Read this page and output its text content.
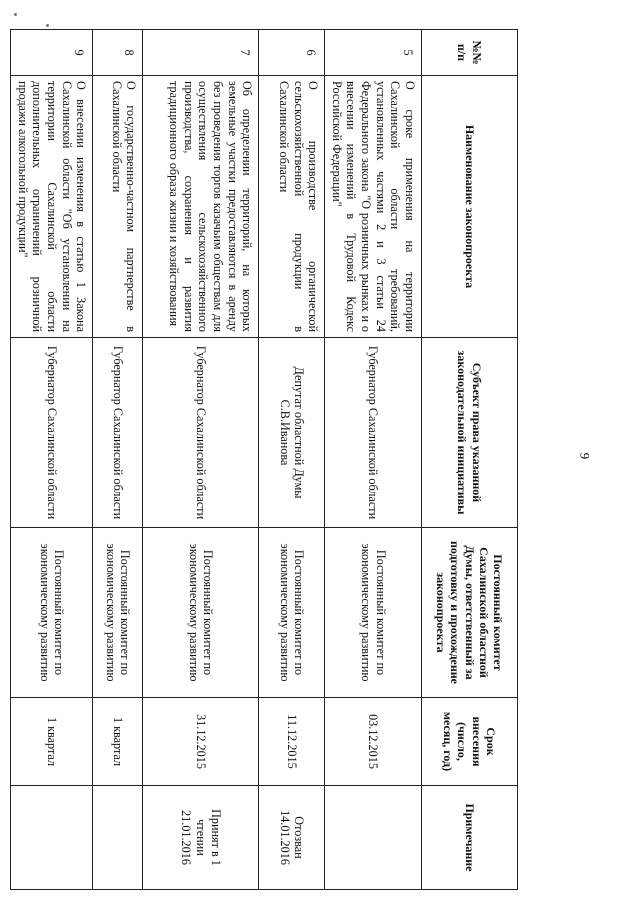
№№ п/п	Наименование законопроекта	Субъект права указанной законодательной инициативы	Постоянный комитет Сахалинской областной Думы, ответственный за подготовку и прохождение законопроекта	Срок внесения (число, месяц, год)	Примечание
5	О сроке применения на территории Сахалинской области требований, установленных частями 2 и 3 статьи 24 Федерального закона "О розничных рынках и о внесении изменений в Трудовой Кодекс Российской Федерации"	Губернатор Сахалинской области	Постоянный комитет по экономическому развитию	03.12.2015	
6	О производстве органической сельскохозяйственной продукции в Сахалинской области	Депутат областной Думы С.В.Иванова	Постоянный комитет по экономическому развитию	11.12.2015	Отозван 14.01.2016
7	Об определении территорий, на которых земельные участки предоставляются в аренду без проведения торгов казачьим обществам для осуществления сельскохозяйственного производства, сохранения и развития традиционного образа жизни и хозяйствования	Губернатор Сахалинской области	Постоянный комитет по экономическому развитию	31.12.2015	Принят в 1 чтении 21.01.2016
8	О государственно-частном партнерстве в Сахалинской области	Губернатор Сахалинской области	Постоянный комитет по экономическому развитию	1 квартал	
9	О внесении изменения в статью 1 Закона Сахалинской области "Об установлении на территории Сахалинской области дополнительных ограничений розничной продажи алкогольной продукции"	Губернатор Сахалинской области	Постоянный комитет по экономическому развитию	1 квартал	
9
